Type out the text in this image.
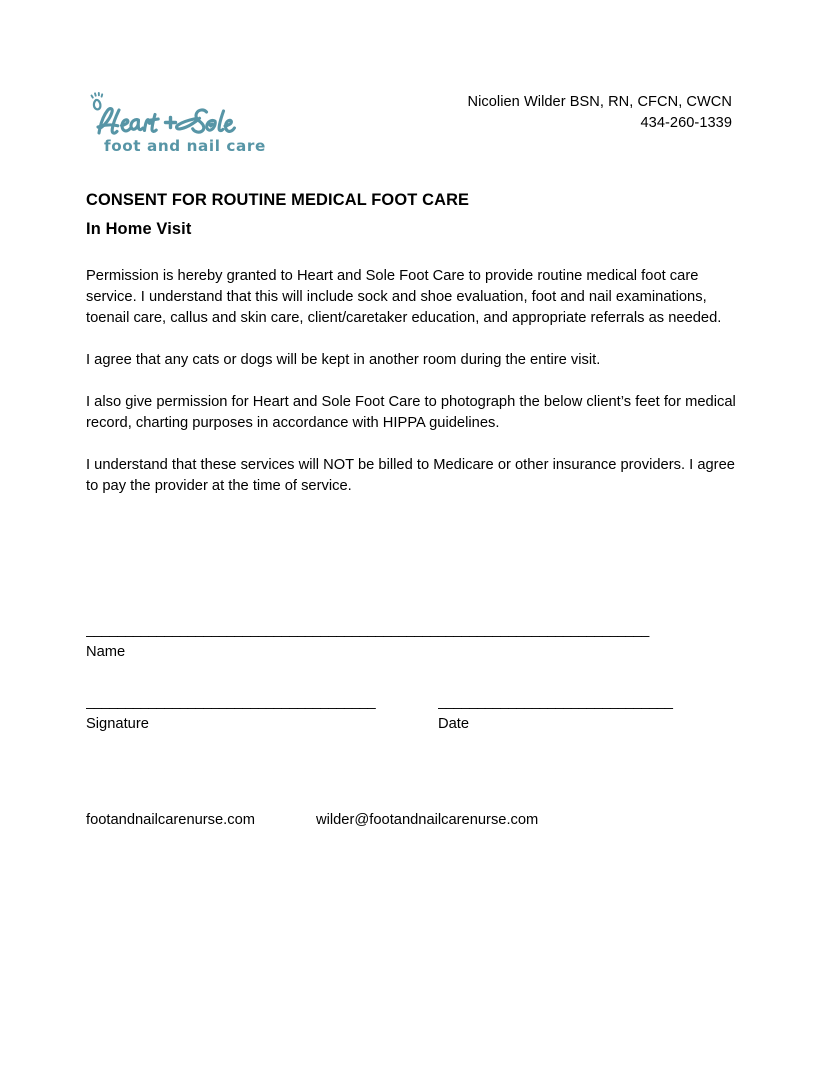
foot and nail care
Nicolien Wilder BSN, RN, CFCN, CWCN
434-260-1339
CONSENT FOR ROUTINE MEDICAL FOOT CARE
In Home Visit

Permission is hereby granted to Heart and Sole Foot Care to provide routine medical foot care service. I understand that this will include sock and shoe evaluation, foot and nail examinations, toenail care, callus and skin care, client/caretaker education, and appropriate referrals as needed.

I agree that any cats or dogs will be kept in another room during the entire visit.

I also give permission for Heart and Sole Foot Care to photograph the below client’s feet for medical record, charting purposes in accordance with HIPPA guidelines.

I understand that these services will NOT be billed to Medicare or other insurance providers. I agree to pay the provider at the time of service.

________________________________________________________________________
Name
_____________________________________
Signature
______________________________
Date
footandnailcarenurse.com	wilder@footandnailcarenurse.com
